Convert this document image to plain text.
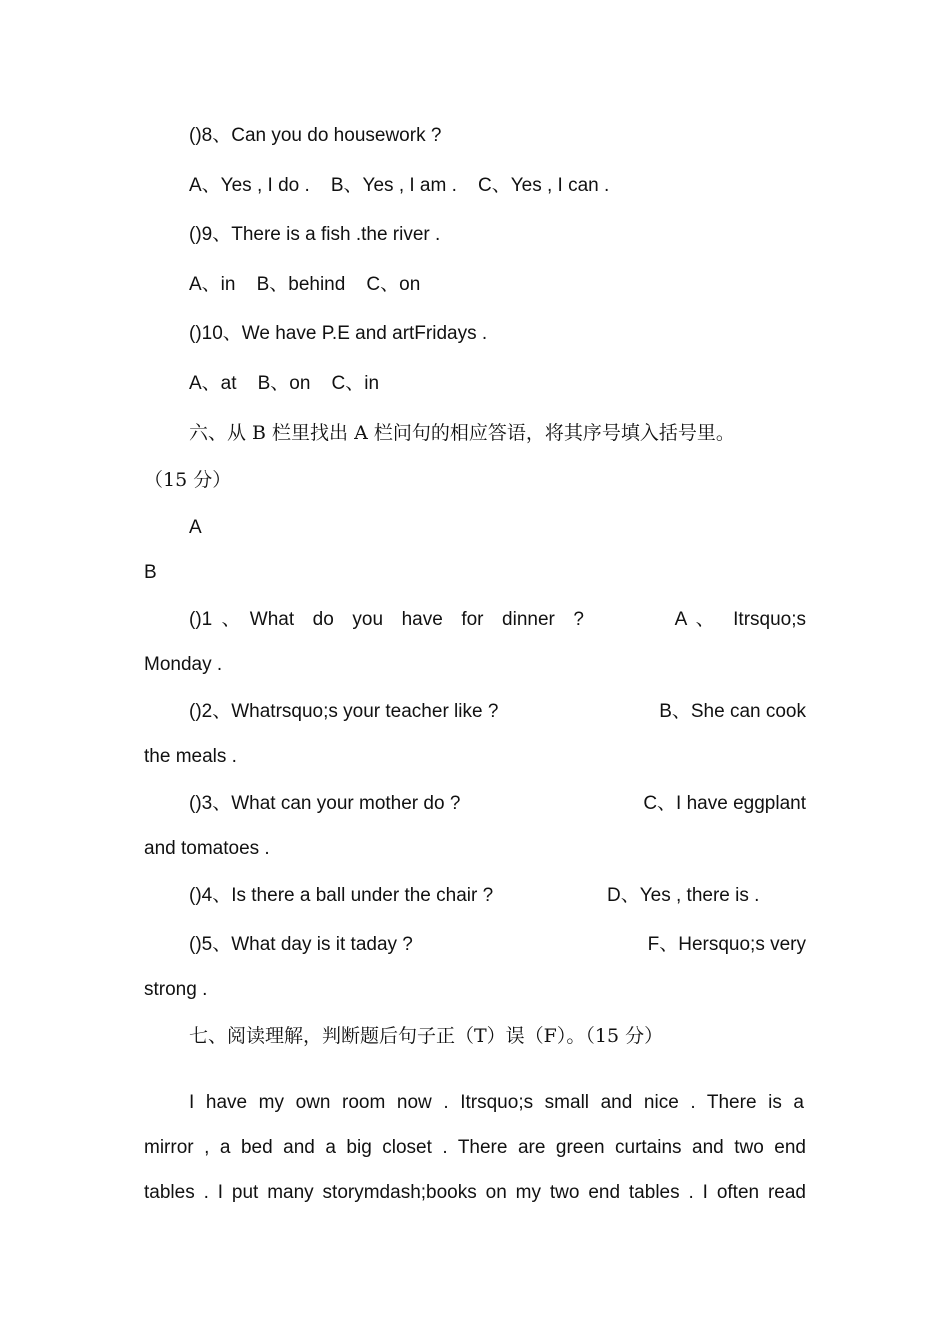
()8、Can you do housework ?

A、Yes , I do .    B、Yes , I am .    C、Yes , I can .

()9、There is a fish .the river .

A、in    B、behind    C、on

()10、We have P.E and artFridays .

A、at    B、on    C、in

六、从 B 栏里找出 A 栏问句的相应答语，将其序号填入括号里。

（15 分）

A

B

()1 、 What  do  you  have  for  dinner  ?	A 、  Itrsquo;s

Monday .

()2、Whatrsquo;s your teacher like ?	B、She can cook

the meals .

()3、What can your mother do ?	C、I have eggplant

and tomatoes .

()4、Is there a ball under the chair ?	D、Yes , there is .

()5、What day is it taday ?	F、Hersquo;s very

strong .

七、阅读理解，判断题后句子正（T）误（F）。（15 分）

I have my own room now . Itrsquo;s small and nice . There is a

mirror , a bed and a big closet . There are green curtains and two end

tables . I put many storymdash;books on my two end tables . I often read
